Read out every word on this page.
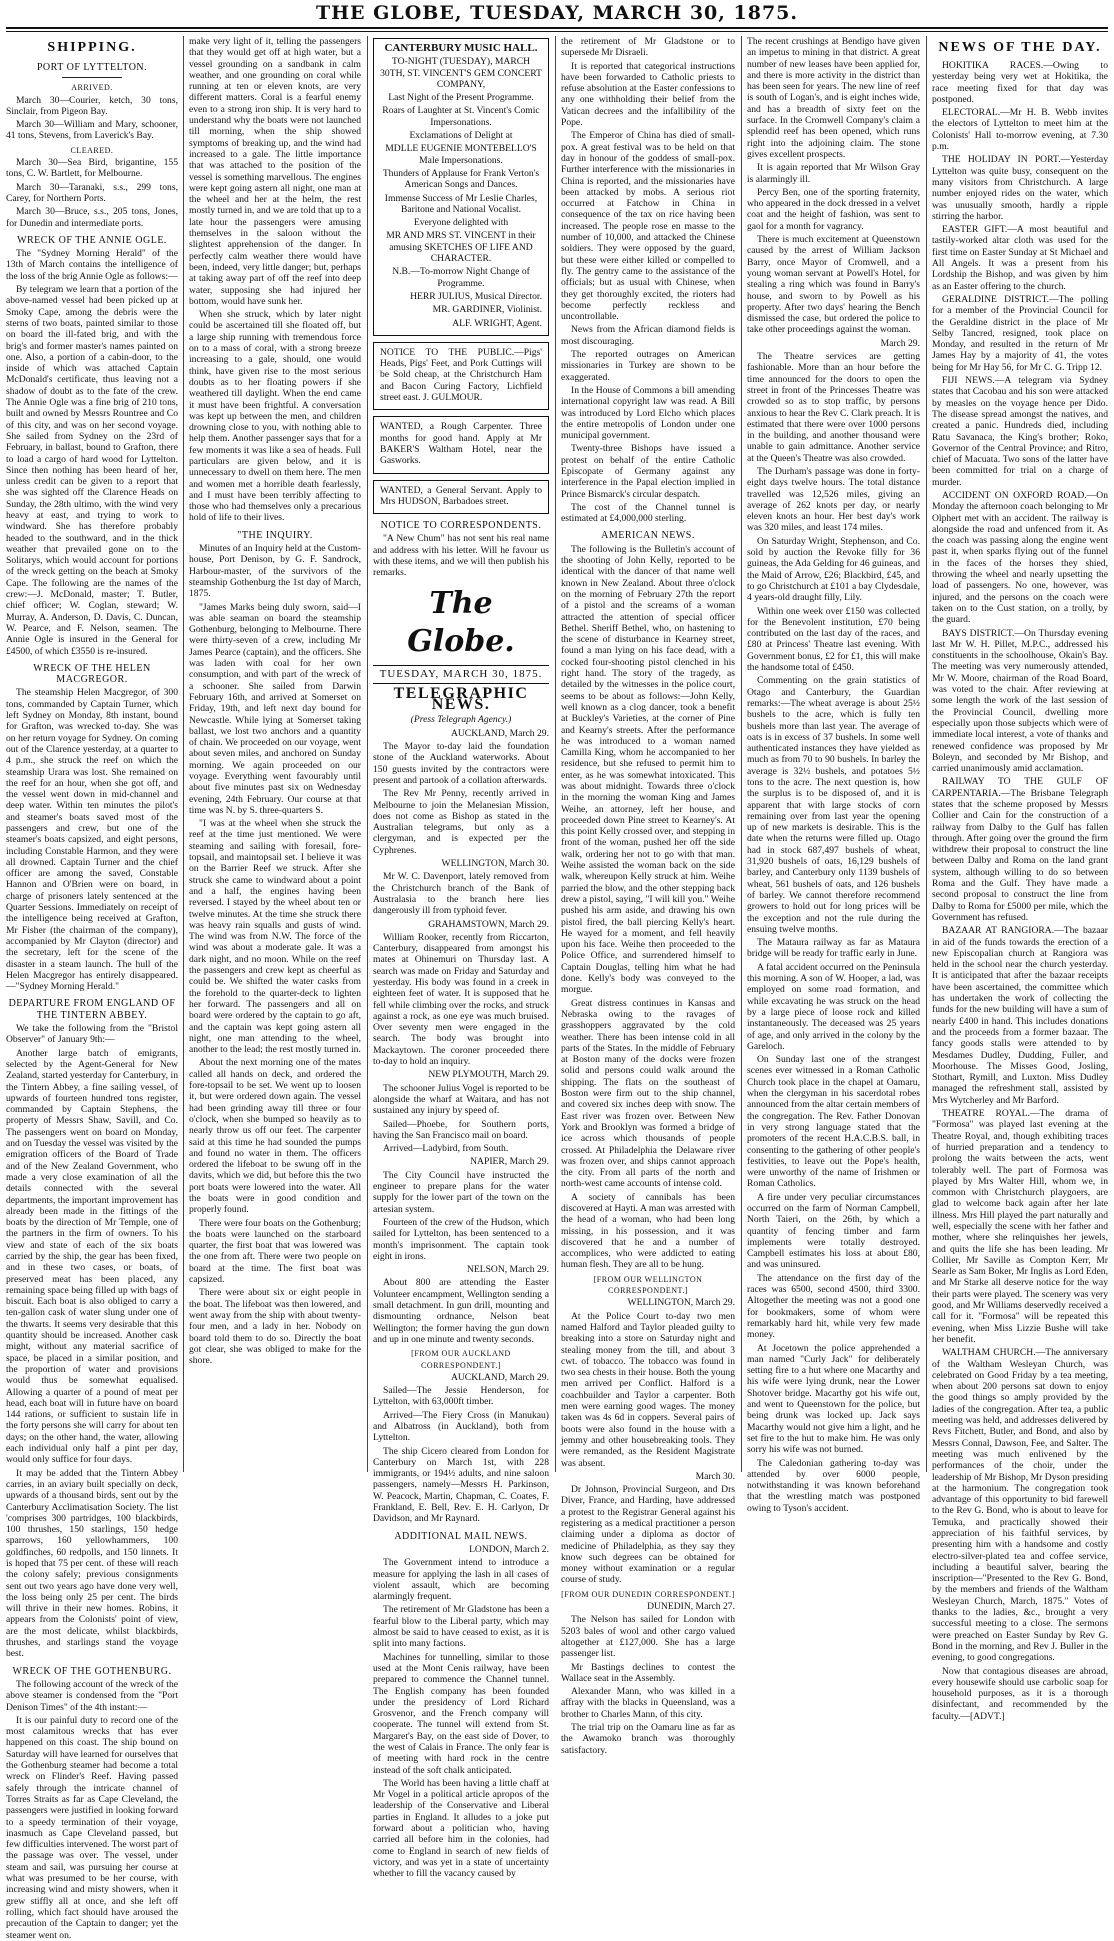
THE GLOBE, TUESDAY, MARCH 30, 1875.
SHIPPING.
PORT OF LYTTELTON.
ARRIVED.

March 30—Courier, ketch, 30 tons, Sinclair, from Pigeon Bay.

March 30—William and Mary, schooner, 41 tons, Stevens, from Laverick's Bay.

CLEARED.

March 30—Sea Bird, brigantine, 155 tons, C. W. Bartlett, for Melbourne.

March 30—Taranaki, s.s., 299 tons, Carey, for Northern Ports.

March 30—Bruce, s.s., 205 tons, Jones, for Dunedin and intermediate ports.

WRECK OF THE ANNIE OGLE.

The "Sydney Morning Herald" of the 13th of March contains the intelligence of the loss of the brig Annie Ogle as follows:—

By telegram we learn that a portion of the above-named vessel had been picked up at Smoky Cape, among the debris were the sterns of two boats, painted similar to those on board the ill-fated brig, and with the brig's and former master's names painted on one. Also, a portion of a cabin-door, to the inside of which was attached Captain McDonald's certificate, thus leaving not a shadow of doubt as to the fate of the crew. The Annie Ogle was a fine brig of 210 tons, built and owned by Messrs Rountree and Co of this city, and was on her second voyage. She sailed from Sydney on the 23rd of February, in ballast, bound to Grafton, there to load a cargo of hard wood for Lyttelton. Since then nothing has been heard of her, unless credit can be given to a report that she was sighted off the Clarence Heads on Sunday, the 28th ultimo, with the wind very heavy at east, and trying to work to windward. She has therefore probably headed to the southward, and in the thick weather that prevailed gone on to the Solitarys, which would account for portions of the wreck getting on the beach at Smoky Cape. The following are the names of the crew:—J. McDonald, master; T. Butler, chief officer; W. Coglan, steward; W. Murray, A. Anderson, D. Davis, C. Duncan, W. Pearce, and F. Nelson, seamen. The Annie Ogle is insured in the General for £4500, of which £3550 is re-insured.

WRECK OF THE HELEN MACGREGOR.

The steamship Helen Macgregor, of 300 tons, commanded by Captain Turner, which left Sydney on Monday, 8th instant, bound for Grafton, was wrecked to-day. She was on her return voyage for Sydney. On coming out of the Clarence yesterday, at a quarter to 4 p.m., she struck the reef on which the steamship Urara was lost. She remained on the reef for an hour, when she got off, and the vessel went down in mid-channel and deep water. Within ten minutes the pilot's and steamer's boats saved most of the passengers and crew, but one of the steamer's boats capsized, and eight persons, including Constable Harmon, and they were all drowned. Captain Turner and the chief officer are among the saved, Constable Hannon and O'Brien were on board, in charge of prisoners lately sentenced at the Quarter Sessions. Immediately on receipt of the intelligence being received at Grafton, Mr Fisher (the chairman of the company), accompanied by Mr Clayton (director) and the secretary, left for the scene of the disaster in a steam launch. The hull of the Helen Macgregor has entirely disappeared.—"Sydney Morning Herald."

DEPARTURE FROM ENGLAND OF THE TINTERN ABBEY.

We take the following from the "Bristol Observer" of January 9th:—

Another large batch of emigrants, selected by the Agent-General for New Zealand, started yesterday for Canterbury, in the Tintern Abbey, a fine sailing vessel, of upwards of fourteen hundred tons register, commanded by Captain Stephens, the property of Messrs Shaw, Savill, and Co. The passengers went on board on Monday, and on Tuesday the vessel was visited by the emigration officers of the Board of Trade and of the New Zealand Government, who made a very close examination of all the details connected with the several departments, the important improvement has already been made in the fittings of the boats by the direction of Mr Temple, one of the partners in the firm of owners. To his view and state of each of the six boats carried by the ship, the gear has been fixed, and in these two cases, or boats, of preserved meat has been placed, any remaining space being filled up with bags of biscuit. Each boat is also obliged to carry a ten-gallon cask of water slung under one of the thwarts. It seems very desirable that this quantity should be increased. Another cask might, without any material sacrifice of space, be placed in a similar position, and the proportion of water and provisions would thus be somewhat equalised. Allowing a quarter of a pound of meat per head, each boat will in future have on board 144 rations, or sufficient to sustain life in the forty persons she will carry for about ten days; on the other hand, the water, allowing each individual only half a pint per day, would only suffice for four days.

It may be added that the Tintern Abbey carries, in an aviary built specially on deck, upwards of a thousand birds, sent out by the Canterbury Acclimatisation Society. The list 'comprises 300 partridges, 100 blackbirds, 100 thrushes, 150 starlings, 150 hedge sparrows, 160 yellowhammers, 100 goldfinches, 60 redpolls, and 150 linnets. It is hoped that 75 per cent. of these will reach the colony safely; previous consignments sent out two years ago have done very well, the loss being only 25 per cent. The birds will thrive in their new homes. Robins, it appears from the Colonists' point of view, are the most delicate, whilst blackbirds, thrushes, and starlings stand the voyage best.

WRECK OF THE GOTHENBURG.

The following account of the wreck of the above steamer is condensed from the "Port Denison Times" of the 4th instant:—

It is our painful duty to record one of the most calamitous wrecks that has ever happened on this coast. The ship bound on Saturday will have learned for ourselves that the Gothenburg steamer had become a total wreck on Flinder's Reef. Having passed safely through the intricate channel of Torres Straits as far as Cape Cleveland, the passengers were justified in looking forward to a speedy termination of their voyage, inasmuch as Cape Cleveland passed, but few difficulties intervened. The worst part of the passage was over. The vessel, under steam and sail, was pursuing her course at what was presumed to be her course, with increasing wind and misty showers, when it grew stiffly all at once, and she left off rolling, which fact should have aroused the precaution of the Captain to danger; yet the steamer went on.

make very light of it, telling the passengers that they would get off at high water, but a vessel grounding on a sandbank in calm weather, and one grounding on coral while running at ten or eleven knots, are very different matters. Coral is a fearful enemy even to a strong iron ship. It is very hard to understand why the boats were not launched till morning, when the ship showed symptoms of breaking up, and the wind had increased to a gale. The little importance that was attached to the position of the vessel is something marvellous. The engines were kept going astern all night, one man at the wheel and her at the helm, the rest mostly turned in, and we are told that up to a late hour the passengers were amusing themselves in the saloon without the slightest apprehension of the danger. In perfectly calm weather there would have been, indeed, very little danger; but, perhaps at taking away part of off the reef into deep water, supposing she had injured her bottom, would have sunk her.

When she struck, which by later night could be ascertained till she floated off, but a large ship running with tremendous force on to a mass of coral, with a strong breeze increasing to a gale, should, one would think, have given rise to the most serious doubts as to her floating powers if she weathered till daylight. When the end came it must have been frightful. A conversation was kept up between the men, and children drowning close to you, with nothing able to help them. Another passenger says that for a few moments it was like a sea of heads. Full particulars are given below, and it is unnecessary to dwell on them here. The men and women met a horrible death fearlessly, and I must have been terribly affecting to those who had themselves only a precarious hold of life to their lives.

"THE INQUIRY.

Minutes of an Inquiry held at the Custom-house, Port Denison, by G. F. Sandrock, Harbour-master, of the survivors of the steamship Gothenburg the 1st day of March, 1875.

"James Marks being duly sworn, said—I was able seaman on board the steamship Gothenburg, belonging to Melbourne. There were thirty-seven of a crew, including Mr James Pearce (captain), and the officers. She was laden with coal for her own consumption, and with part of the wreck of a schooner. She sailed from Darwin February 16th, and arrived at Somerset on Friday, 19th, and left next day bound for Newcastle. While lying at Somerset taking ballast, we lost two anchors and a quantity of chain. We proceeded on our voyage, went about seven miles, and anchored on Sunday morning. We again proceeded on our voyage. Everything went favourably until about five minutes past six on Wednesday evening, 24th February. Our course at that time was N. by S. three-quarters S.

"I was at the wheel when she struck the reef at the time just mentioned. We were steaming and sailing with foresail, fore-topsail, and maintopsail set. I believe it was on the Barrier Reef we struck. After she struck she came to windward about a point and a half, the engines having been reversed. I stayed by the wheel about ten or twelve minutes. At the time she struck there was heavy rain squalls and gusts of wind. The wind was from N.W. The force of the wind was about a moderate gale. It was a dark night, and no moon. While on the reef the passengers and crew kept as cheerful as could be. We shifted the water casks from the forehold to the quarter-deck to lighten her forward. The passengers and all on board were ordered by the captain to go aft, and the captain was kept going astern all night, one man attending to the wheel, another to the lead; the rest mostly turned in.

About the next morning one of the mates called all hands on deck, and ordered the fore-topsail to be set. We went up to loosen it, but were ordered down again. The vessel had been grinding away till three or four o'clock, when she bumped so heavily as to nearly throw us off our feet. The carpenter said at this time he had sounded the pumps and found no water in them. The officers ordered the lifeboat to be swung off in the davits, which we did, but before this the two port boats were lowered into the water. All the boats were in good condition and properly found.

There were four boats on the Gothenburg; the boats were launched on the starboard quarter, the first boat that was lowered was the one from aft. There were two people on board at the time. The first boat was capsized.

There were about six or eight people in the boat. The lifeboat was then lowered, and went away from the ship with about twenty-four men, and a lady in her. Nobody on board told them to do so. Directly the boat got clear, she was obliged to make for the shore.

CANTERBURY MUSIC HALL.

TO-NIGHT (TUESDAY), MARCH 30TH, ST. VINCENT'S GEM CONCERT COMPANY,

Last Night of the Present Programme.

Roars of Laughter at St. Vincent's Comic Impersonations.

Exclamations of Delight at

MDLLE EUGENIE MONTEBELLO'S Male Impersonations.

Thunders of Applause for Frank Verton's American Songs and Dances.

Immense Success of Mr Leslie Charles, Baritone and National Vocalist.

Everyone delighted with

MR AND MRS ST. VINCENT in their amusing SKETCHES OF LIFE AND CHARACTER.

N.B.—To-morrow Night Change of Programme.

HERR JULIUS, Musical Director.

MR. GARDINER, Violinist.

ALF. WRIGHT, Agent.

NOTICE TO THE PUBLIC.—Pigs' Heads, Pigs' Feet, and Pork Cuttings will be Sold cheap, at the Christchurch Ham and Bacon Curing Factory, Lichfield street east. J. GULMOUR.

WANTED, a Rough Carpenter. Three months for good hand. Apply at Mr BAKER'S Waltham Hotel, near the Gasworks.

WANTED, a General Servant. Apply to Mrs HUDSON, Barbadoes street.

NOTICE TO CORRESPONDENTS.

"A New Chum" has not sent his real name and address with his letter. Will he favour us with these items, and we will then publish his remarks.

The Globe.
TUESDAY, MARCH 30, 1875.
TELEGRAPHIC NEWS.

(Press Telegraph Agency.)

AUCKLAND, March 29.

The Mayor to-day laid the foundation stone of the Auckland waterworks. About 150 guests invited by the contractors were present and partook of a collation afterwards.

The Rev Mr Penny, recently arrived in Melbourne to join the Melanesian Mission, does not come as Bishop as stated in the Australian telegrams, but only as a clergyman, and is expected per the Cyphrenes.

WELLINGTON, March 30.

Mr W. C. Davenport, lately removed from the Christchurch branch of the Bank of Australasia to the branch here lies dangerously ill from typhoid fever.

GRAHAMSTOWN, March 29.

William Rooker, recently from Riccarton, Canterbury, disappeared from amongst his mates at Ohinemuri on Thursday last. A search was made on Friday and Saturday and yesterday. His body was found in a creek in eighteen feet of water. It is supposed that he fell while climbing over the rocks, and struck against a rock, as one eye was much bruised. Over seventy men were engaged in the search. The body was brought into Mackaytown. The coroner proceeded there to-day to hold an inquiry.

NEW PLYMOUTH, March 29.

The schooner Julius Vogel is reported to be alongside the wharf at Waitara, and has not sustained any injury by speed of.

Sailed—Phoebe, for Southern ports, having the San Francisco mail on board.

Arrived—Ladybird, from South.

NAPIER, March 29.

The City Council have instructed the engineer to prepare plans for the water supply for the lower part of the town on the artesian system.

Fourteen of the crew of the Hudson, which sailed for Lyttelton, has been sentenced to a month's imprisonment. The captain took eight in irons.

NELSON, March 29.

About 800 are attending the Easter Volunteer encampment, Wellington sending a small detachment. In gun drill, mounting and dismounting ordnance, Nelson beat Wellington; the former having the gun down and up in one minute and twenty seconds.

[FROM OUR AUCKLAND CORRESPONDENT.]

AUCKLAND, March 29.

Sailed—The Jessie Henderson, for Lyttelton, with 63,000ft timber.

Arrived—The Fiery Cross (in Manukau) and Albatross (in Auckland), both from Lyttelton.

The ship Cicero cleared from London for Canterbury on March 1st, with 228 immigrants, or 194½ adults, and nine saloon passengers, namely—Messrs H. Parkinson, W. Peacock, Martin, Chapman, C. Coates, F. Frankland, E. Bell, Rev. E. H. Carlyon, Dr Davidson, and Mr Raynard.

ADDITIONAL MAIL NEWS.

LONDON, March 2.

The Government intend to introduce a measure for applying the lash in all cases of violent assault, which are becoming alarmingly frequent.

The retirement of Mr Gladstone has been a fearful blow to the Liberal party, which may almost be said to have ceased to exist, as it is split into many factions.

Machines for tunnelling, similar to those used at the Mont Cenis railway, have been prepared to commence the Channel tunnel. The English company has been founded under the presidency of Lord Richard Grosvenor, and the French company will cooperate. The tunnel will extend from St. Margaret's Bay, on the east side of Dover, to the west of Calais in France. The only fear is of meeting with hard rock in the centre instead of the soft chalk anticipated.

The World has been having a little chaff at Mr Vogel in a political article apropos of the leadership of the Conservative and Liberal parties in England. It alludes to a joke put forward about a politician who, having carried all before him in the colonies, had come to England in search of new fields of victory, and was yet in a state of uncertainty whether to fill the vacancy caused by

the retirement of Mr Gladstone or to supersede Mr Disraeli.

It is reported that categorical instructions have been forwarded to Catholic priests to refuse absolution at the Easter confessions to any one withholding their belief from the Vatican decrees and the infallibility of the Pope.

The Emperor of China has died of small-pox. A great festival was to be held on that day in honour of the goddess of small-pox. Further interference with the missionaries in China is reported, and the missionaries have been attacked by mobs. A serious riot occurred at Fatchow in China in consequence of the tax on rice having been increased. The people rose en masse to the number of 10,000, and attacked the Chinese soldiers. They were opposed by the guard, but these were either killed or compelled to fly. The gentry came to the assistance of the officials; but as usual with Chinese, when they get thoroughly excited, the rioters had become perfectly reckless and uncontrollable.

News from the African diamond fields is most discouraging.

The reported outrages on American missionaries in Turkey are shown to be exaggerated.

In the House of Commons a bill amending international copyright law was read. A Bill was introduced by Lord Elcho which places the entire metropolis of London under one municipal government.

Twenty-three Bishops have issued a protest on behalf of the entire Catholic Episcopate of Germany against any interference in the Papal election implied in Prince Bismarck's circular despatch.

The cost of the Channel tunnel is estimated at £4,000,000 sterling.

AMERICAN NEWS.

The following is the Bulletin's account of the shooting of John Kelly, reported to be identical with the dancer of that name well known in New Zealand. About three o'clock on the morning of February 27th the report of a pistol and the screams of a woman attracted the attention of special officer Bethel. Sheriff Bethel, who, on hastening to the scene of disturbance in Kearney street, found a man lying on his face dead, with a cocked four-shooting pistol clenched in his right hand. The story of the tragedy, as detailed by the witnesses in the police court, seems to be about as follows:—John Kelly, well known as a clog dancer, took a benefit at Buckley's Varieties, at the corner of Pine and Kearny's streets. After the performance he was introduced to a woman named Camilla King, whom he accompanied to her residence, but she refused to permit him to enter, as he was somewhat intoxicated. This was about midnight. Towards three o'clock in the morning the woman King and James Weihe, an attorney, left her house, and proceeded down Pine street to Kearney's. At this point Kelly crossed over, and stepping in front of the woman, pushed her off the side walk, ordering her not to go with that man. Weihe assisted the woman back on the side walk, whereupon Kelly struck at him. Weihe parried the blow, and the other stepping back drew a pistol, saying, "I will kill you." Weihe pushed his arm aside, and drawing his own pistol fired, the ball piercing Kelly's heart. He wayed for a moment, and fell heavily upon his face. Weihe then proceeded to the Police Office, and surrendered himself to Captain Douglas, telling him what he had done. Kelly's body was conveyed to the morgue.

Great distress continues in Kansas and Nebraska owing to the ravages of grasshoppers aggravated by the cold weather. There has been intense cold in all parts of the States. In the middle of February at Boston many of the docks were frozen solid and persons could walk around the shipping. The flats on the southeast of Boston were firm out to the ship channel, and covered six inches deep with snow. The East river was frozen over. Between New York and Brooklyn was formed a bridge of ice across which thousands of people crossed. At Philadelphia the Delaware river was frozen over, and ships cannot approach the city. From all parts of the north and north-west came accounts of intense cold.

A society of cannibals has been discovered at Hayti. A man was arrested with the head of a woman, who had been long missing, in his possession, and it was discovered that he and a number of accomplices, who were addicted to eating human flesh. They are all to be hung.

[FROM OUR WELLINGTON CORRESPONDENT.]

WELLINGTON, March 29.

At the Police Court to-day two men named Halford and Taylor pleaded guilty to breaking into a store on Saturday night and stealing money from the till, and about 3 cwt. of tobacco. The tobacco was found in two sea chests in their house. Both the young men arrived per Conflict. Halford is a coachbuilder and Taylor a carpenter. Both men were earning good wages. The money taken was 4s 6d in coppers. Several pairs of boots were also found in the house with a jemmy and other housebreaking tools. They were remanded, as the Resident Magistrate was absent.

March 30.

Dr Johnson, Provincial Surgeon, and Drs Diver, France, and Harding, have addressed a protest to the Registrar General against his registering as a medical practitioner a person claiming under a diploma as doctor of medicine of Philadelphia, as they say they know such degrees can be obtained for money without examination or a regular course of study.

[FROM OUR DUNEDIN CORRESPONDENT.]

DUNEDIN, March 27.

The Nelson has sailed for London with 5203 bales of wool and other cargo valued altogether at £127,000. She has a large passenger list.

Mr Bastings declines to contest the Wallace seat in the Assembly.

Alexander Mann, who was killed in a affray with the blacks in Queensland, was a brother to Charles Mann, of this city.

The trial trip on the Oamaru line as far as the Awamoko branch was thoroughly satisfactory.

The recent crushings at Bendigo have given an impetus to mining in that district. A great number of new leases have been applied for, and there is more activity in the district than has been seen for years. The new line of reef is south of Logan's, and is eight inches wide, and has a breadth of sixty feet on the surface. In the Cromwell Company's claim a splendid reef has been opened, which runs right into the adjoining claim. The stone gives excellent prospects.

It is again reported that Mr Wilson Gray is alarmingly ill.

Percy Ben, one of the sporting fraternity, who appeared in the dock dressed in a velvet coat and the height of fashion, was sent to gaol for a month for vagrancy.

There is much excitement at Queenstown caused by the arrest of William Jackson Barry, once Mayor of Cromwell, and a young woman servant at Powell's Hotel, for stealing a ring which was found in Barry's house, and sworn to by Powell as his property. After two days' hearing the Bench dismissed the case, but ordered the police to take other proceedings against the woman.

March 29.

The Theatre services are getting fashionable. More than an hour before the time announced for the doors to open the street in front of the Princesses Theatre was crowded so as to stop traffic, by persons anxious to hear the Rev C. Clark preach. It is estimated that there were over 1000 persons in the building, and another thousand were unable to gain admittance. Another service at the Queen's Theatre was also crowded.

The Durham's passage was done in forty-eight days twelve hours. The total distance travelled was 12,526 miles, giving an average of 262 knots per day, or nearly eleven knots an hour. Her best day's work was 320 miles, and least 174 miles.

On Saturday Wright, Stephenson, and Co. sold by auction the Revoke filly for 36 guineas, the Ada Gelding for 46 guineas, and the Maid of Arrow, £26; Blackbird, £45, and to go Christchurch at £101 a bay Clydesdale, 4 years-old draught filly, Lily.

Within one week over £150 was collected for the Benevolent institution, £70 being contributed on the last day of the races, and £80 at Princess' Theatre last evening. With Government bonus, £2 for £1, this will make the handsome total of £450.

Commenting on the grain statistics of Otago and Canterbury, the Guardian remarks:—The wheat average is about 25½ bushels to the acre, which is fully ten bushels more than last year. The average of oats is in excess of 37 bushels. In some well authenticated instances they have yielded as much as from 70 to 90 bushels. In barley the average is 32½ bushels, and potatoes 5½ tons to the acre. The next question is, how the surplus is to be disposed of, and it is apparent that with large stocks of corn remaining over from last year the opening up of new markets is desirable. This is the date when the returns were filled up. Otago had in stock 687,497 bushels of wheat, 31,920 bushels of oats, 16,129 bushels of barley, and Canterbury only 1139 bushels of wheat, 561 bushels of oats, and 126 bushels of barley. We cannot therefore recommend growers to hold out for long prices will be the exception and not the rule during the ensuing twelve months.

The Mataura railway as far as Mataura bridge will be ready for traffic early in June.

A fatal accident occurred on the Peninsula this morning. A son of W. Hooper, a lad, was employed on some road formation, and while excavating he was struck on the head by a large piece of loose rock and killed instantaneously. The deceased was 25 years of age, and only arrived in the colony by the Gareloch.

On Sunday last one of the strangest scenes ever witnessed in a Roman Catholic Church took place in the chapel at Oamaru, when the clergyman in his sacerdotal robes announced from the altar certain members of the congregation. The Rev. Father Donovan in very strong language stated that the promoters of the recent H.A.C.B.S. ball, in consenting to the gathering of other people's festivities, to leave out the Pope's health, were unworthy of the name of Irishmen or Roman Catholics.

A fire under very peculiar circumstances occurred on the farm of Norman Campbell, North Taieri, on the 26th, by which a quantity of fencing timber and farm implements were totally destroyed. Campbell estimates his loss at about £80, and was uninsured.

The attendance on the first day of the races was 6500, second 4500, third 3300. Altogether the meeting was not a good one for bookmakers, some of whom were remarkably hard hit, while very few made money.

At Jocetown the police apprehended a man named "Curly Jack" for deliberately setting fire to a hut where one Macarthy and his wife were lying drunk, near the Lower Shotover bridge. Macarthy got his wife out, and went to Queenstown for the police, but being drunk was locked up. Jack says Macarthy would not give him a light, and he set fire to the hut to make him. He was only sorry his wife was not burned.

The Caledonian gathering to-day was attended by over 6000 people, notwithstanding it was known beforehand that the wrestling match was postponed owing to Tyson's accident.

NEWS OF THE DAY.

HOKITIKA RACES.—Owing to yesterday being very wet at Hokitika, the race meeting fixed for that day was postponed.

ELECTORAL.—Mr H. B. Webb invites the electors of Lyttelton to meet him at the Colonists' Hall to-morrow evening, at 7.30 p.m.

THE HOLIDAY IN PORT.—Yesterday Lyttelton was quite busy, consequent on the many visitors from Christchurch. A large number enjoyed rides on the water, which was unusually smooth, hardly a ripple stirring the harbor.

EASTER GIFT.—A most beautiful and tastily-worked altar cloth was used for the first time on Easter Sunday at St Michael and All Angels. It was a present from his Lordship the Bishop, and was given by him as an Easter offering to the church.

GERALDINE DISTRICT.—The polling for a member of the Provincial Council for the Geraldine district in the place of Mr Selby Tancred, resigned, took place on Monday, and resulted in the return of Mr James Hay by a majority of 41, the votes being for Mr Hay 56, for Mr C. G. Tripp 12.

FIJI NEWS.—A telegram via Sydney states that Cacobau and his son were attacked by measles on the voyage hence per Dido. The disease spread amongst the natives, and created a panic. Hundreds died, including Ratu Savanaca, the King's brother; Roko, Governor of the Central Province; and Ritro, chief of Macuata. Two sons of the latter have been committed for trial on a charge of murder.

ACCIDENT ON OXFORD ROAD.—On Monday the afternoon coach belonging to Mr Olphert met with an accident. The railway is alongside the road and unfenced from it. As the coach was passing along the engine went past it, when sparks flying out of the funnel in the faces of the horses they shied, throwing the wheel and nearly upsetting the load of passengers. No one, however, was injured, and the persons on the coach were taken on to the Cust station, on a trolly, by the guard.

BAYS DISTRICT.—On Thursday evening last Mr W. H. Pillet, M.P.C., addressed his constituents in the schoolhouse, Okain's Bay. The meeting was very numerously attended, Mr W. Moore, chairman of the Road Board, was voted to the chair. After reviewing at some length the work of the last session of the Provincial Council, dwelling more especially upon those subjects which were of immediate local interest, a vote of thanks and renewed confidence was proposed by Mr Boleyn, and seconded by Mr Bishop, and carried unanimously amid acclamation.

RAILWAY TO THE GULF OF CARPENTARIA.—The Brisbane Telegraph states that the scheme proposed by Messrs Collier and Cain for the construction of a railway from Dalby to the Gulf has fallen through. After going over the ground the firm withdrew their proposal to construct the line between Dalby and Roma on the land grant system, although willing to do so between Roma and the Gulf. They have made a second proposal to construct the line from Dalby to Roma for £5000 per mile, which the Government has refused.

BAZAAR AT RANGIORA.—The bazaar in aid of the funds towards the erection of a new Episcopalian church at Rangiora was held in the school near the church yesterday. It is anticipated that after the bazaar receipts have been ascertained, the committee which has undertaken the work of collecting the funds for the new building will have a sum of nearly £400 in hand. This includes donations and the proceeds from a former bazaar. The fancy goods stalls were attended to by Mesdames Dudley, Dudding, Fuller, and Moorhouse. The Misses Good, Josling, Stothart, Rymill, and Luxton. Miss Dudley managed the refreshment stall, assisted by Mrs Wytcherley and Mr Barford.

THEATRE ROYAL.—The drama of "Formosa" was played last evening at the Theatre Royal, and, though exhibiting traces of hurried preparation and a tendency to prolong the waits between the acts, went tolerably well. The part of Formosa was played by Mrs Walter Hill, whom we, in common with Christchurch playgoers, are glad to welcome back again after her late illness. Mrs Hill played the part naturally and well, especially the scene with her father and mother, where she relinquishes her jewels, and quits the life she has been leading. Mr Collier, Mr Saville as Compton Kerr, Mr Searle as Sam Boker, Mr Inglis as Lord Eden, and Mr Starke all deserve notice for the way their parts were played. The scenery was very good, and Mr Williams deservedly received a call for it. "Formosa" will be repeated this evening, when Miss Lizzie Bushe will take her benefit.

WALTHAM CHURCH.—The anniversary of the Waltham Wesleyan Church, was celebrated on Good Friday by a tea meeting, when about 200 persons sat down to enjoy the good things so amply provided by the ladies of the congregation. After tea, a public meeting was held, and addresses delivered by Revs Fitchett, Butler, and Bond, and also by Messrs Connal, Dawson, Fee, and Salter. The meeting was much enlivened by the performances of the choir, under the leadership of Mr Bishop, Mr Dyson presiding at the harmonium. The congregation took advantage of this opportunity to bid farewell to the Rev G. Bond, who is about to leave for Temuka, and practically showed their appreciation of his faithful services, by presenting him with a handsome and costly electro-silver-plated tea and coffee service, including a beautiful salver, bearing the inscription—"Presented to the Rev G. Bond, by the members and friends of the Waltham Wesleyan Church, March, 1875." Votes of thanks to the ladies, &c., brought a very successful meeting to a close. The sermons were preached on Easter Sunday by Rev G. Bond in the morning, and Rev J. Buller in the evening, to good congregations.

Now that contagious diseases are abroad, every housewife should use carbolic soap for household purposes, as it is a thorough disinfectant, and recommended by the faculty.—[ADVT.]
